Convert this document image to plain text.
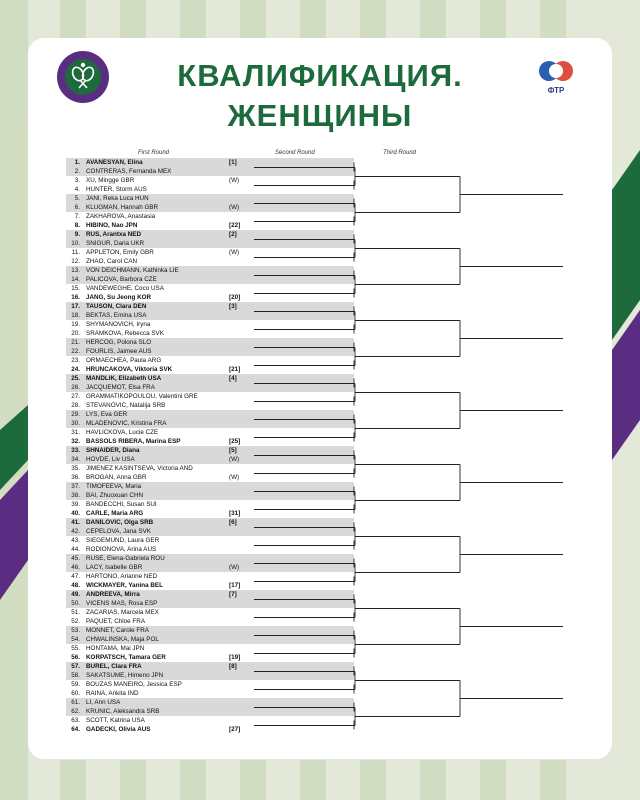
ФТР
КВАЛИФИКАЦИЯ.
ЖЕНЩИНЫ
First Round	Second Round	Third Round
1. AVANESYAN, Elina	[1]
2. CONTRERAS, Fernanda MEX
3. XU, Mingge GBR	(W)
4. HUNTER, Storm AUS
5. JANI, Reka Luca HUN
6. KLUGMAN, Hannah GBR	(W)
7. ZAKHAROVA, Anastasia
8. HIBINO, Nao JPN	[22]
9. RUS, Arantxa NED	[2]
10. SNIGUR, Daria UKR
11. APPLETON, Emily GBR	(W)
12. ZHAO, Carol CAN
13. VON DEICHMANN, Kathinka LIE
14. PALICOVA, Barbora CZE
15. VANDEWEGHE, Coco USA
16. JANG, Su Jeong KOR	[20]
17. TAUSON, Clara DEN	[3]
18. BEKTAS, Emina USA
19. SHYMANOVICH, Iryna
20. SRAMKOVA, Rebecca SVK
21. HERCOG, Polona SLO
22. FOURLIS, Jaimee AUS
23. ORMAECHEA, Paula ARG
24. HRUNCAKOVA, Viktoria SVK	[21]
25. MANDLIK, Elizabeth USA	[4]
26. JACQUEMOT, Elsa FRA
27. GRAMMATIKOPOULOU, Valentini GRE
28. STEVANOVIC, Natalija SRB
29. LYS, Eva GER
30. MLADENOVIC, Kristina FRA
31. HAVLICKOVA, Lucie CZE
32. BASSOLS RIBERA, Marina ESP	[25]
33. SHNAIDER, Diana	[5]
34. HOVDE, Liv USA	(W)
35. JIMENEZ KASINTSEVA, Victoria AND
36. BROGAN, Anna GBR	(W)
37. TIMOFEEVA, Maria
38. BAI, Zhuoxuan CHN
39. BANDECCHI, Susan SUI
40. CARLE, Maria ARG	[31]
41. DANILOVIC, Olga SRB	[6]
42. CEPELOVA, Jana SVK
43. SIEGEMUND, Laura GER
44. RODIONOVA, Arina AUS
45. RUSE, Elena-Gabriela ROU
46. LACY, Isabelle GBR	(W)
47. HARTONO, Arianne NED
48. WICKMAYER, Yanina BEL	[17]
49. ANDREEVA, Mirra	[7]
50. VICENS MAS, Rosa ESP
51. ZACARIAS, Marcela MEX
52. PAQUET, Chloe FRA
53. MONNET, Carole FRA
54. CHWALINSKA, Maja POL
55. HONTAMA, Mai JPN
56. KORPATSCH, Tamara GER	[19]
57. BUREL, Clara FRA	[8]
58. SAKATSUME, Himeno JPN
59. BOUZAS MANEIRO, Jessica ESP
60. RAINA, Ankita IND
61. LI, Ann USA
62. KRUNIC, Aleksandra SRB
63. SCOTT, Katrina USA
64. GADECKI, Olivia AUS	[27]
